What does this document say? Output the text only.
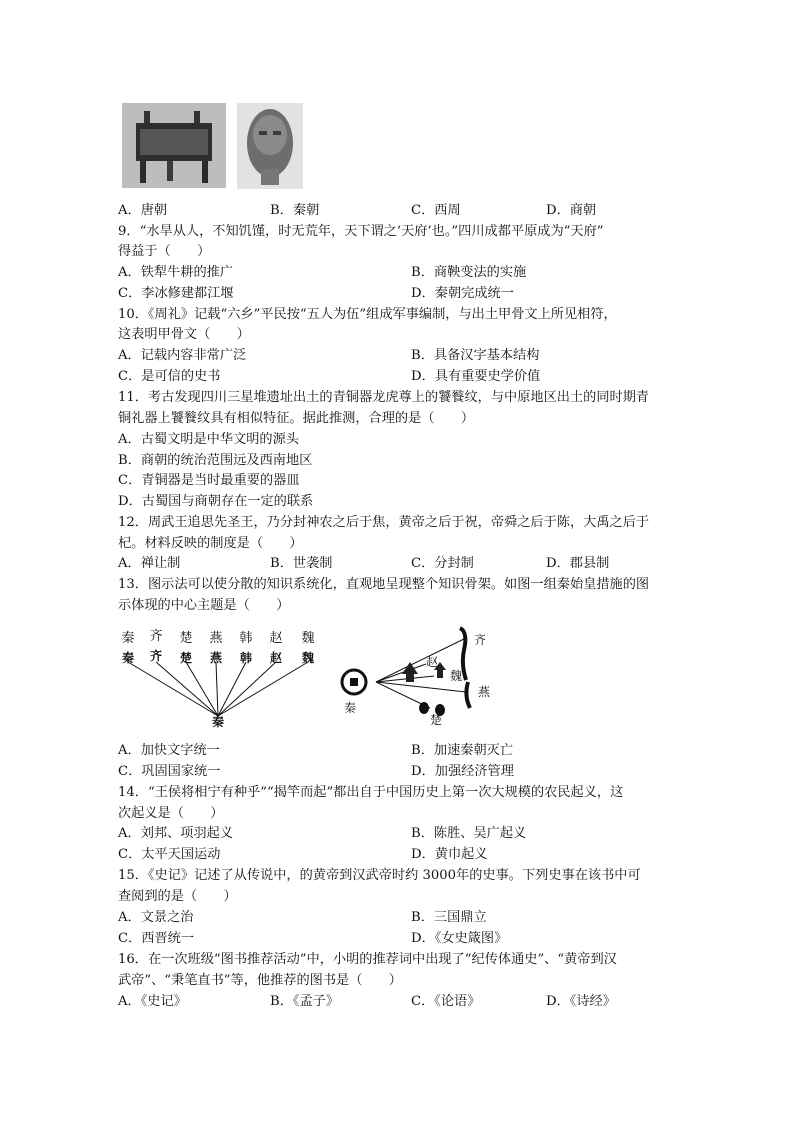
A．唐朝	B．秦朝	C．西周	D．商朝
9．“水旱从人，不知饥馑，时无荒年，天下谓之‘天府’也。”四川成都平原成为“天府”
得益于（　　）
A．铁犁牛耕的推广	B．商鞅变法的实施
C．李冰修建都江堰	D．秦朝完成统一
10．《周礼》记载“六乡”平民按“五人为伍”组成军事编制，与出土甲骨文上所见相符，
这表明甲骨文（　　）
A．记载内容非常广泛	B．具备汉字基本结构
C．是可信的史书	D．具有重要史学价值
11．考古发现四川三星堆遗址出土的青铜器龙虎尊上的饕餮纹，与中原地区出土的同时期青
铜礼器上饕餮纹具有相似特征。据此推测，合理的是（　　）
A．古蜀文明是中华文明的源头
B．商朝的统治范围远及西南地区
C．青铜器是当时最重要的器皿
D．古蜀国与商朝存在一定的联系
12．周武王追思先圣王，乃分封神农之后于焦，黄帝之后于祝，帝舜之后于陈，大禹之后于
杞。材料反映的制度是（　　）
A．禅让制	B．世袭制	C．分封制	D．郡县制
13．图示法可以使分散的知识系统化，直观地呈现整个知识骨架。如图一组秦始皇措施的图
示体现的中心主题是（　　）
秦 齐 楚 燕 韩 赵 魏
秦 齐 楚 燕 韩 赵 魏
秦
齐
赵
魏
燕
楚
秦
A．加快文字统一	B．加速秦朝灭亡
C．巩固国家统一	D．加强经济管理
14．“王侯将相宁有种乎”“揭竿而起”都出自于中国历史上第一次大规模的农民起义，这
次起义是（　　）
A．刘邦、项羽起义	B．陈胜、吴广起义
C．太平天国运动	D．黄巾起义
15．《史记》记述了从传说中，的黄帝到汉武帝时约 3000年的史事。下列史事在该书中可
查阅到的是（　　）
A．文景之治	B．三国鼎立
C．西晋统一	D．《女史箴图》
16．在一次班级“图书推荐活动”中，小明的推荐词中出现了“纪传体通史”、“黄帝到汉
武帝”、“秉笔直书”等，他推荐的图书是（　　）
A．《史记》	B．《孟子》	C．《论语》	D．《诗经》
